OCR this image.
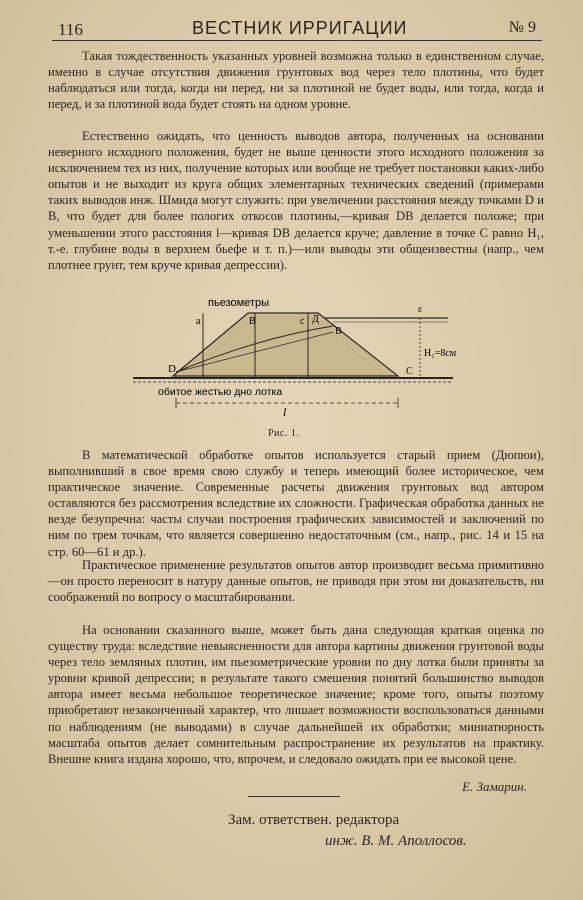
116	ВЕСТНИК ИРРИГАЦИИ	№ 9

Такая тождественность указанных уровней возможна только в единственном случае, именно в случае отсутствия движения грунтовых вод через тело плотины, что будет наблюдаться или тогда, когда ни перед, ни за плотиной не будет воды, или тогда, когда и перед, и за плотиной вода будет стоять на одном уровне.

Естественно ожидать, что ценность выводов автора, полученных на основании неверного исходного положения, будет не выше ценности этого исходного положения за исключением тех из них, получение которых или вообще не требует постановки каких-либо опытов и не выходит из круга общих элементарных технических сведений (примерами таких выводов инж. Шмида могут служить: при увеличении расстояния между точками D и B, что будет для более пологих откосов плотины,—кривая DB делается положе; при уменьшении этого расстояния l—кривая DB делается круче; давление в точке C равно H₁, т.-е. глубине воды в верхнем бьефе и т. п.)—или выводы эти общеизвестны (напр., чем плотнее грунт, тем круче кривая депрессии).

пьезометры
a	B	c Д
B
ε
D	C
H₁=8см
обитое жестью дно лотка
l
Рис. 1.

В математической обработке опытов используется старый прием (Дюпюи), выполнивший в свое время свою службу и теперь имеющий более историческое, чем практическое значение. Современные расчеты движения грунтовых вод автором оставляются без рассмотрения вследствие их сложности. Графическая обработка данных не везде безупречна: часты случаи построения графических зависимостей и заключений по ним по трем точкам, что является совершенно недостаточным (см., напр., рис. 14 и 15 на стр. 60—61 и др.).

Практическое применение результатов опытов автор производит весьма примитивно—он просто переносит в натуру данные опытов, не приводя при этом ни доказательств, ни соображений по вопросу о масштабировании.

На основании сказанного выше, может быть дана следующая краткая оценка по существу труда: вследствие невыясненности для автора картины движения грунтовой воды через тело земляных плотин, им пьезометрические уровни по дну лотка были приняты за уровни кривой депрессии; в результате такого смешения понятий большинство выводов автора имеет весьма небольшое теоретическое значение; кроме того, опыты поэтому приобретают незаконченный характер, что лишает возможности воспользоваться данными по наблюдениям (не выводами) в случае дальнейшей их обработки; миниатюрность масштаба опытов делает сомнительным распространение их результатов на практику. Внешне книга издана хорошо, что, впрочем, и следовало ожидать при ее высокой цене.

Е. Замарин.
Зам. ответствен. редактора
инж. В. М. Аполлосов.
